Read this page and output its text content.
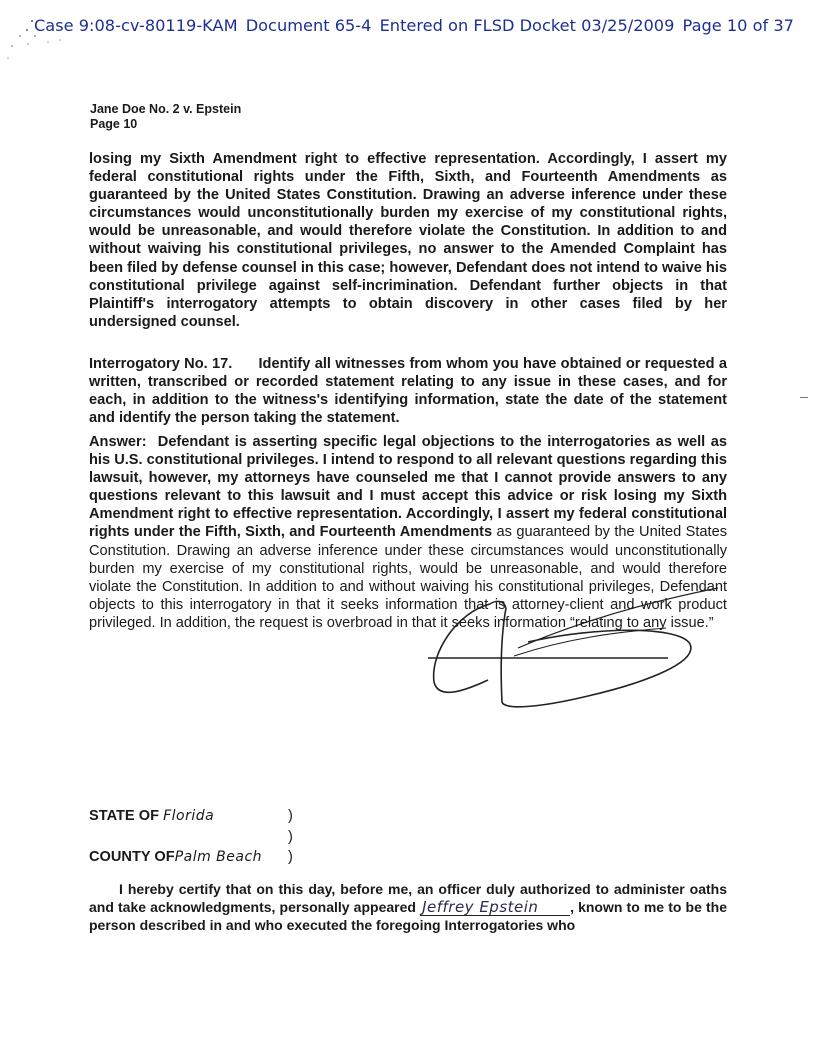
Case 9:08-cv-80119-KAM Document 65-4 Entered on FLSD Docket 03/25/2009 Page 10 of 37
Jane Doe No. 2 v. Epstein
Page 10

losing my Sixth Amendment right to effective representation. Accordingly, I assert my federal constitutional rights under the Fifth, Sixth, and Fourteenth Amendments as guaranteed by the United States Constitution. Drawing an adverse inference under these circumstances would unconstitutionally burden my exercise of my constitutional rights, would be unreasonable, and would therefore violate the Constitution. In addition to and without waiving his constitutional privileges, no answer to the Amended Complaint has been filed by defense counsel in this case; however, Defendant does not intend to waive his constitutional privilege against self-incrimination. Defendant further objects in that Plaintiff's interrogatory attempts to obtain discovery in other cases filed by her undersigned counsel.

Interrogatory No. 17. Identify all witnesses from whom you have obtained or requested a written, transcribed or recorded statement relating to any issue in these cases, and for each, in addition to the witness's identifying information, state the date of the statement and identify the person taking the statement.

Answer: Defendant is asserting specific legal objections to the interrogatories as well as his U.S. constitutional privileges. I intend to respond to all relevant questions regarding this lawsuit, however, my attorneys have counseled me that I cannot provide answers to any questions relevant to this lawsuit and I must accept this advice or risk losing my Sixth Amendment right to effective representation. Accordingly, I assert my federal constitutional rights under the Fifth, Sixth, and Fourteenth Amendments as guaranteed by the United States Constitution. Drawing an adverse inference under these circumstances would unconstitutionally burden my exercise of my constitutional rights, would be unreasonable, and would therefore violate the Constitution. In addition to and without waiving his constitutional privileges, Defendant objects to this interrogatory in that it seeks information that is attorney-client and work product privileged. In addition, the request is overbroad in that it seeks information “relating to any issue.”

STATE OF Florida	)
)
)
COUNTY OFPalm Beach

I hereby certify that on this day, before me, an officer duly authorized to administer oaths and take acknowledgments, personally appeared Jeffrey Epstein , known to me to be the person described in and who executed the foregoing Interrogatories who
